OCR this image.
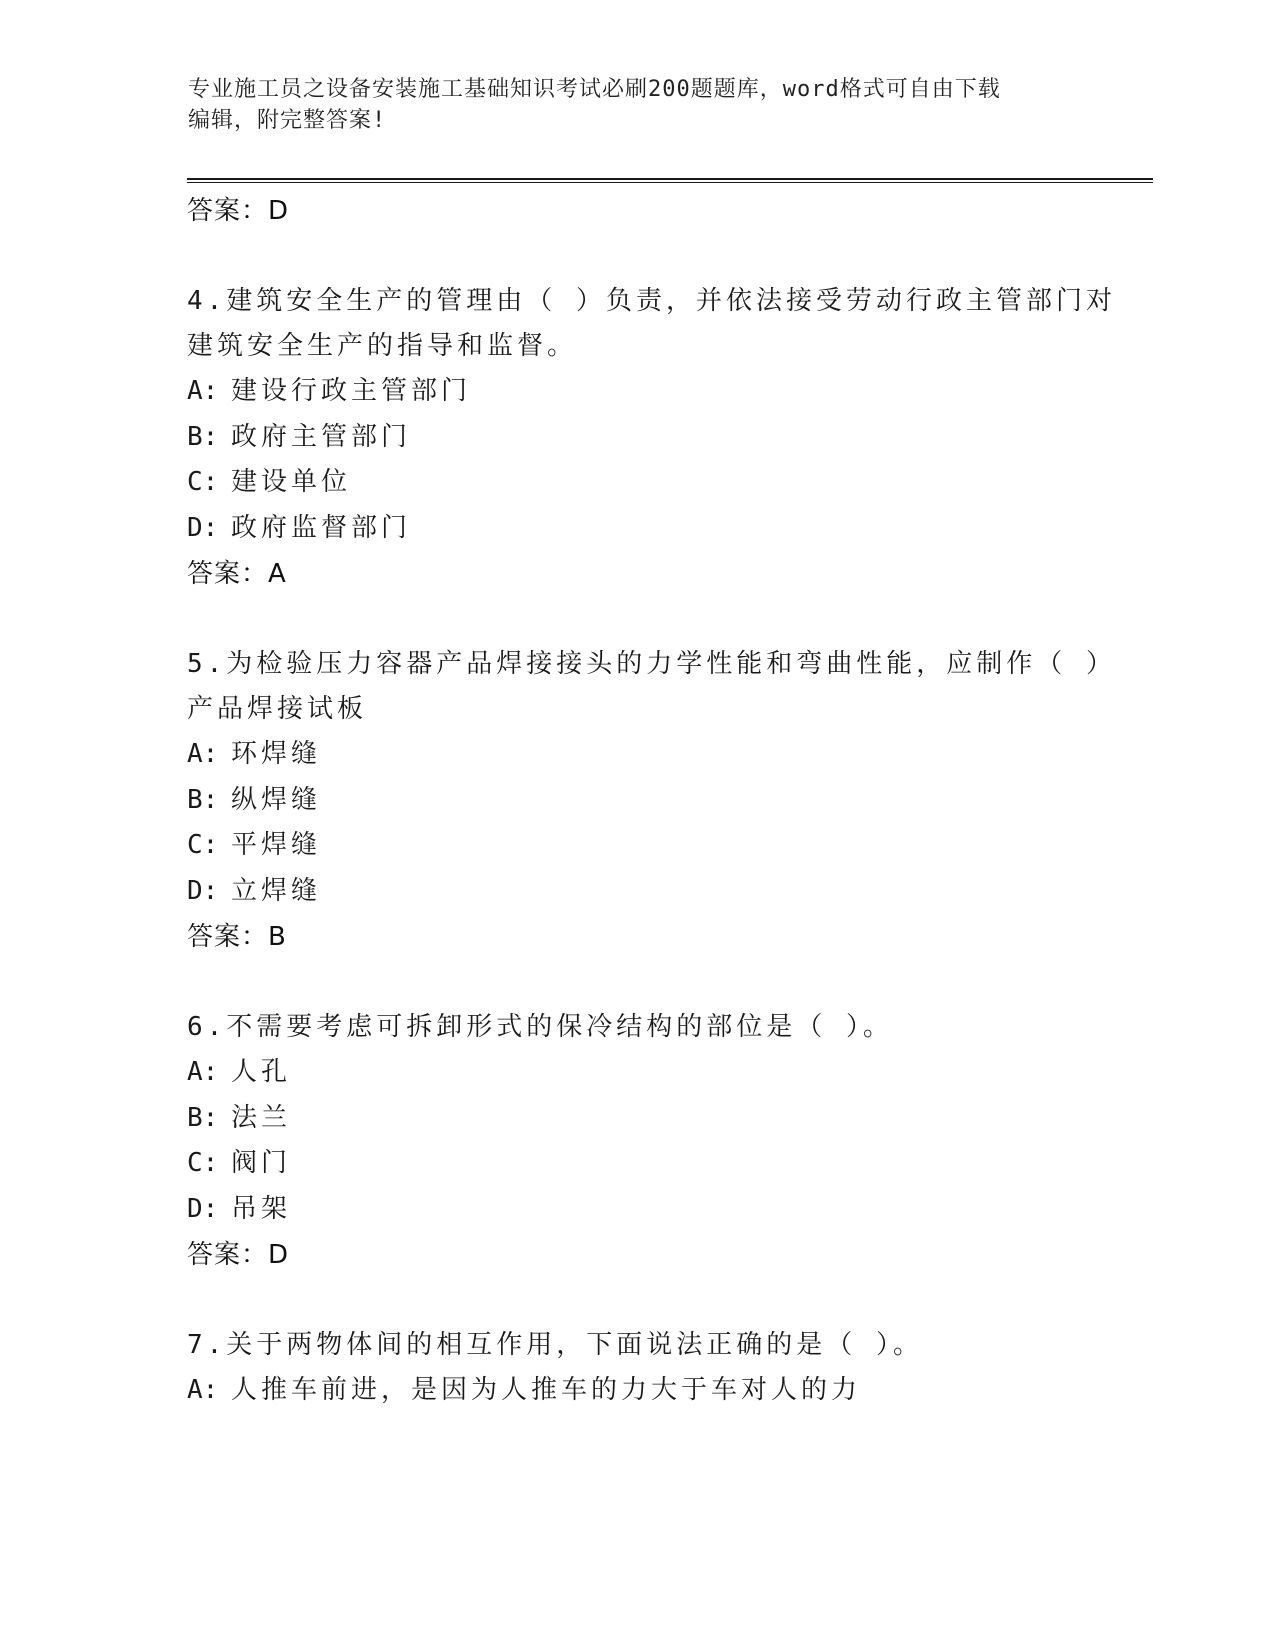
专业施工员之设备安装施工基础知识考试必刷200题题库，word格式可自由下载
编辑，附完整答案!
答案：D
4.建筑安全生产的管理由（ ）负责，并依法接受劳动行政主管部门对
建筑安全生产的指导和监督。
A: 建设行政主管部门
B: 政府主管部门
C: 建设单位
D: 政府监督部门
答案：A
5.为检验压力容器产品焊接接头的力学性能和弯曲性能，应制作（ ）
产品焊接试板
A: 环焊缝
B: 纵焊缝
C: 平焊缝
D: 立焊缝
答案：B
6.不需要考虑可拆卸形式的保冷结构的部位是（ ）。
A: 人孔
B: 法兰
C: 阀门
D: 吊架
答案：D
7.关于两物体间的相互作用，下面说法正确的是（ ）。
A: 人推车前进，是因为人推车的力大于车对人的力
